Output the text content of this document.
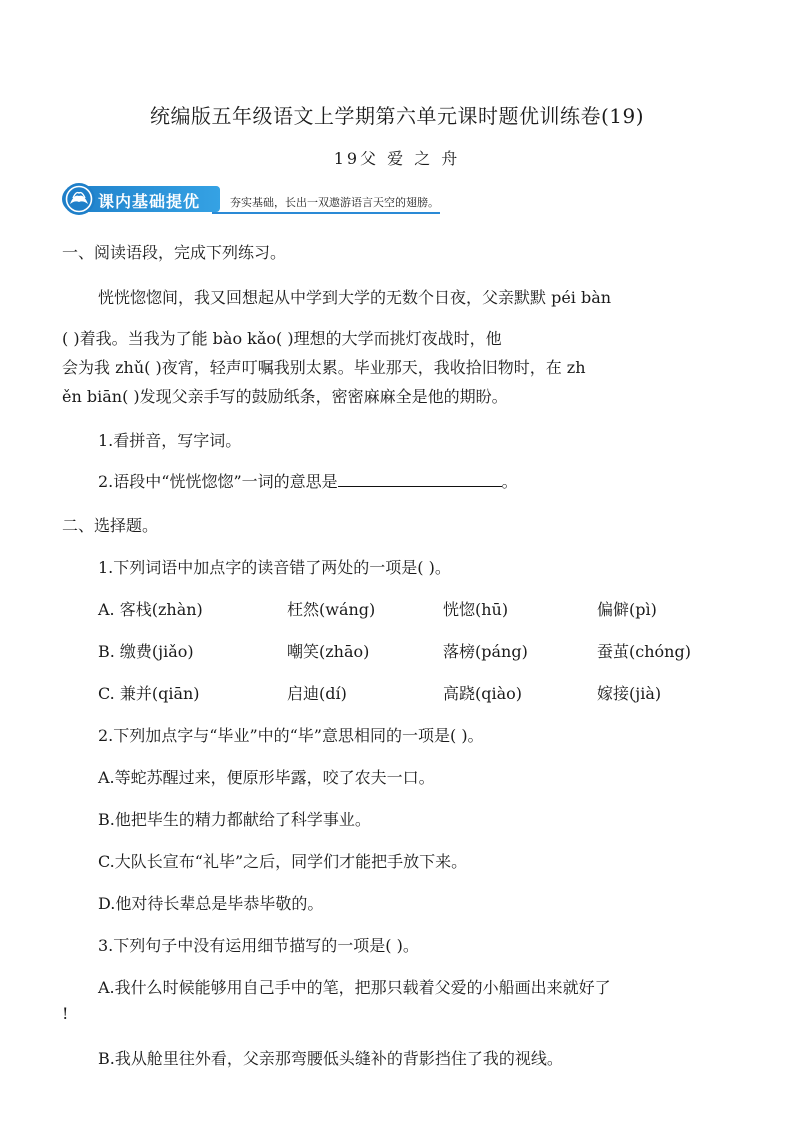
统编版五年级语文上学期第六单元课时题优训练卷(19)
19父 爱 之 舟
课内基础提优	夯实基础，长出一双遨游语言天空的翅膀。
一、阅读语段，完成下列练习。
恍恍惚惚间，我又回想起从中学到大学的无数个日夜，父亲默默 péi bàn
( )着我。当我为了能 bào kǎo( )理想的大学而挑灯夜战时，他
会为我 zhǔ( )夜宵，轻声叮嘱我别太累。毕业那天，我收拾旧物时，在 zh
ěn biān( )发现父亲手写的鼓励纸条，密密麻麻全是他的期盼。
1.看拼音，写字词。
2.语段中“恍恍惚惚”一词的意思是	。
二、选择题。
1.下列词语中加点字的读音错了两处的一项是( )。
A. 客栈(zhàn)	枉然(wáng)	恍惚(hū)	偏僻(pì)
B. 缴费(jiǎo)	嘲笑(zhāo)	落榜(páng)	蚕茧(chóng)
C. 兼并(qiān)	启迪(dí)	高跷(qiào)	嫁接(jià)
2.下列加点字与“毕业”中的“毕”意思相同的一项是( )。
A.等蛇苏醒过来，便原形毕露，咬了农夫一口。
B.他把毕生的精力都献给了科学事业。
C.大队长宣布“礼毕”之后，同学们才能把手放下来。
D.他对待长辈总是毕恭毕敬的。
3.下列句子中没有运用细节描写的一项是( )。
A.我什么时候能够用自己手中的笔，把那只载着父爱的小船画出来就好了
!
B.我从舱里往外看，父亲那弯腰低头缝补的背影挡住了我的视线。
